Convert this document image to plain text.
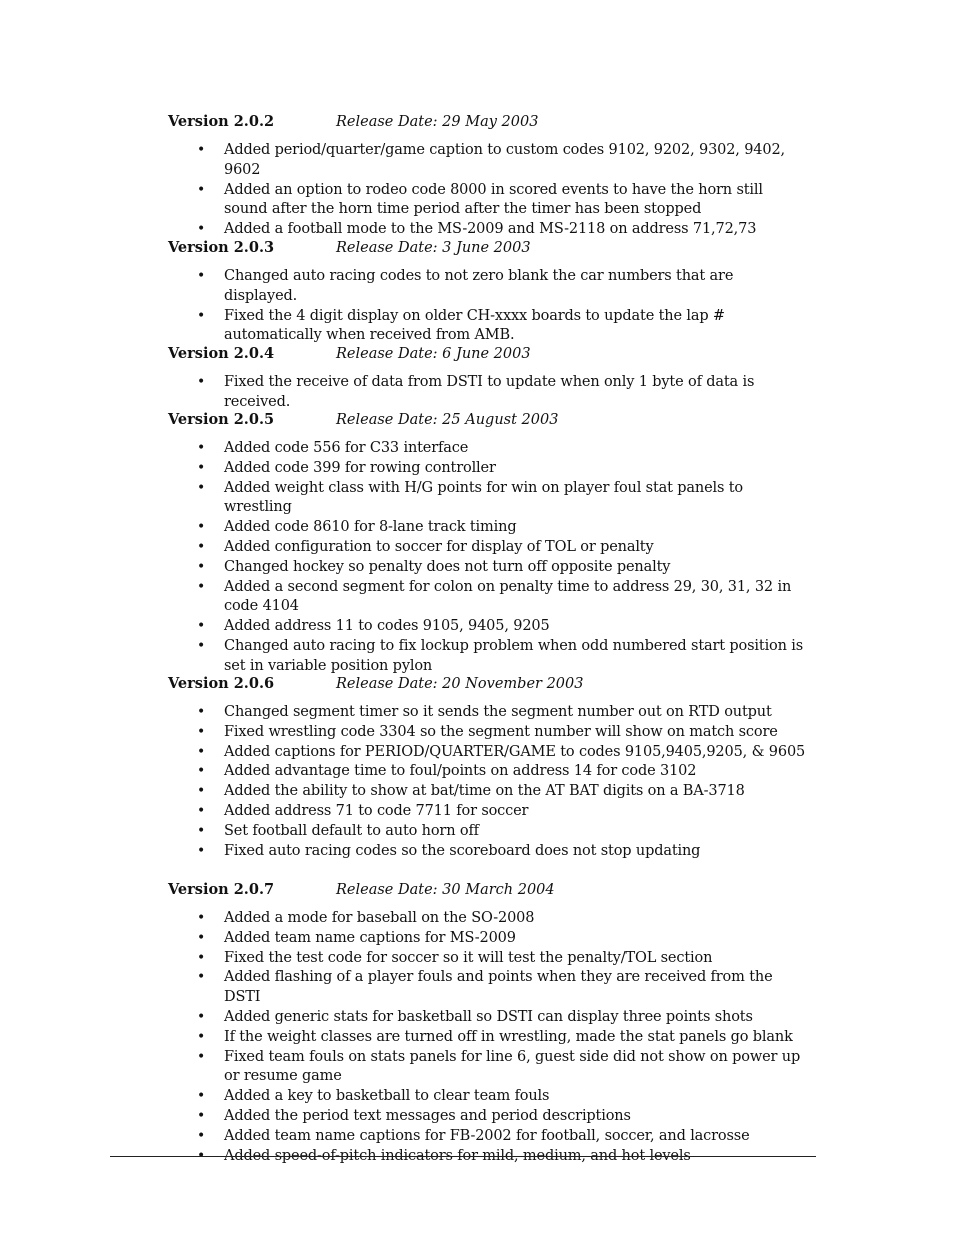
Version 2.0.2	Release Date: 29 May 2003
• Added period/quarter/game caption to custom codes 9102, 9202, 9302, 9402, 9602
• Added an option to rodeo code 8000 in scored events to have the horn still sound after the horn time period after the timer has been stopped
• Added a football mode to the MS-2009 and MS-2118 on address 71,72,73
Version 2.0.3	Release Date: 3 June 2003
• Changed auto racing codes to not zero blank the car numbers that are displayed.
• Fixed the 4 digit display on older CH-xxxx boards to update the lap # automatically when received from AMB.
Version 2.0.4	Release Date: 6 June 2003
• Fixed the receive of data from DSTI to update when only 1 byte of data is received.
Version 2.0.5	Release Date: 25 August 2003
• Added code 556 for C33 interface
• Added code 399 for rowing controller
• Added weight class with H/G points for win on player foul stat panels to wrestling
• Added code 8610 for 8-lane track timing
• Added configuration to soccer for display of TOL or penalty
• Changed hockey so penalty does not turn off opposite penalty
• Added a second segment for colon on penalty time to address 29, 30, 31, 32 in code 4104
• Added address 11 to codes 9105, 9405, 9205
• Changed auto racing to fix lockup problem when odd numbered start position is set in variable position pylon
Version 2.0.6	Release Date: 20 November 2003
• Changed segment timer so it sends the segment number out on RTD output
• Fixed wrestling code 3304 so the segment number will show on match score
• Added captions for PERIOD/QUARTER/GAME to codes 9105,9405,9205, & 9605
• Added advantage time to foul/points on address 14 for code 3102
• Added the ability to show at bat/time on the AT BAT digits on a BA-3718
• Added address 71 to code 7711 for soccer
• Set football default to auto horn off
• Fixed auto racing codes so the scoreboard does not stop updating
Version 2.0.7	Release Date: 30 March 2004
• Added a mode for baseball on the SO-2008
• Added team name captions for MS-2009
• Fixed the test code for soccer so it will test the penalty/TOL section
• Added flashing of a player fouls and points when they are received from the DSTI
• Added generic stats for basketball so DSTI can display three points shots
• If the weight classes are turned off in wrestling, made the stat panels go blank
• Fixed team fouls on stats panels for line 6, guest side did not show on power up or resume game
• Added a key to basketball to clear team fouls
• Added the period text messages and period descriptions
• Added team name captions for FB-2002 for football, soccer, and lacrosse
• Added speed-of-pitch indicators for mild, medium, and hot levels
